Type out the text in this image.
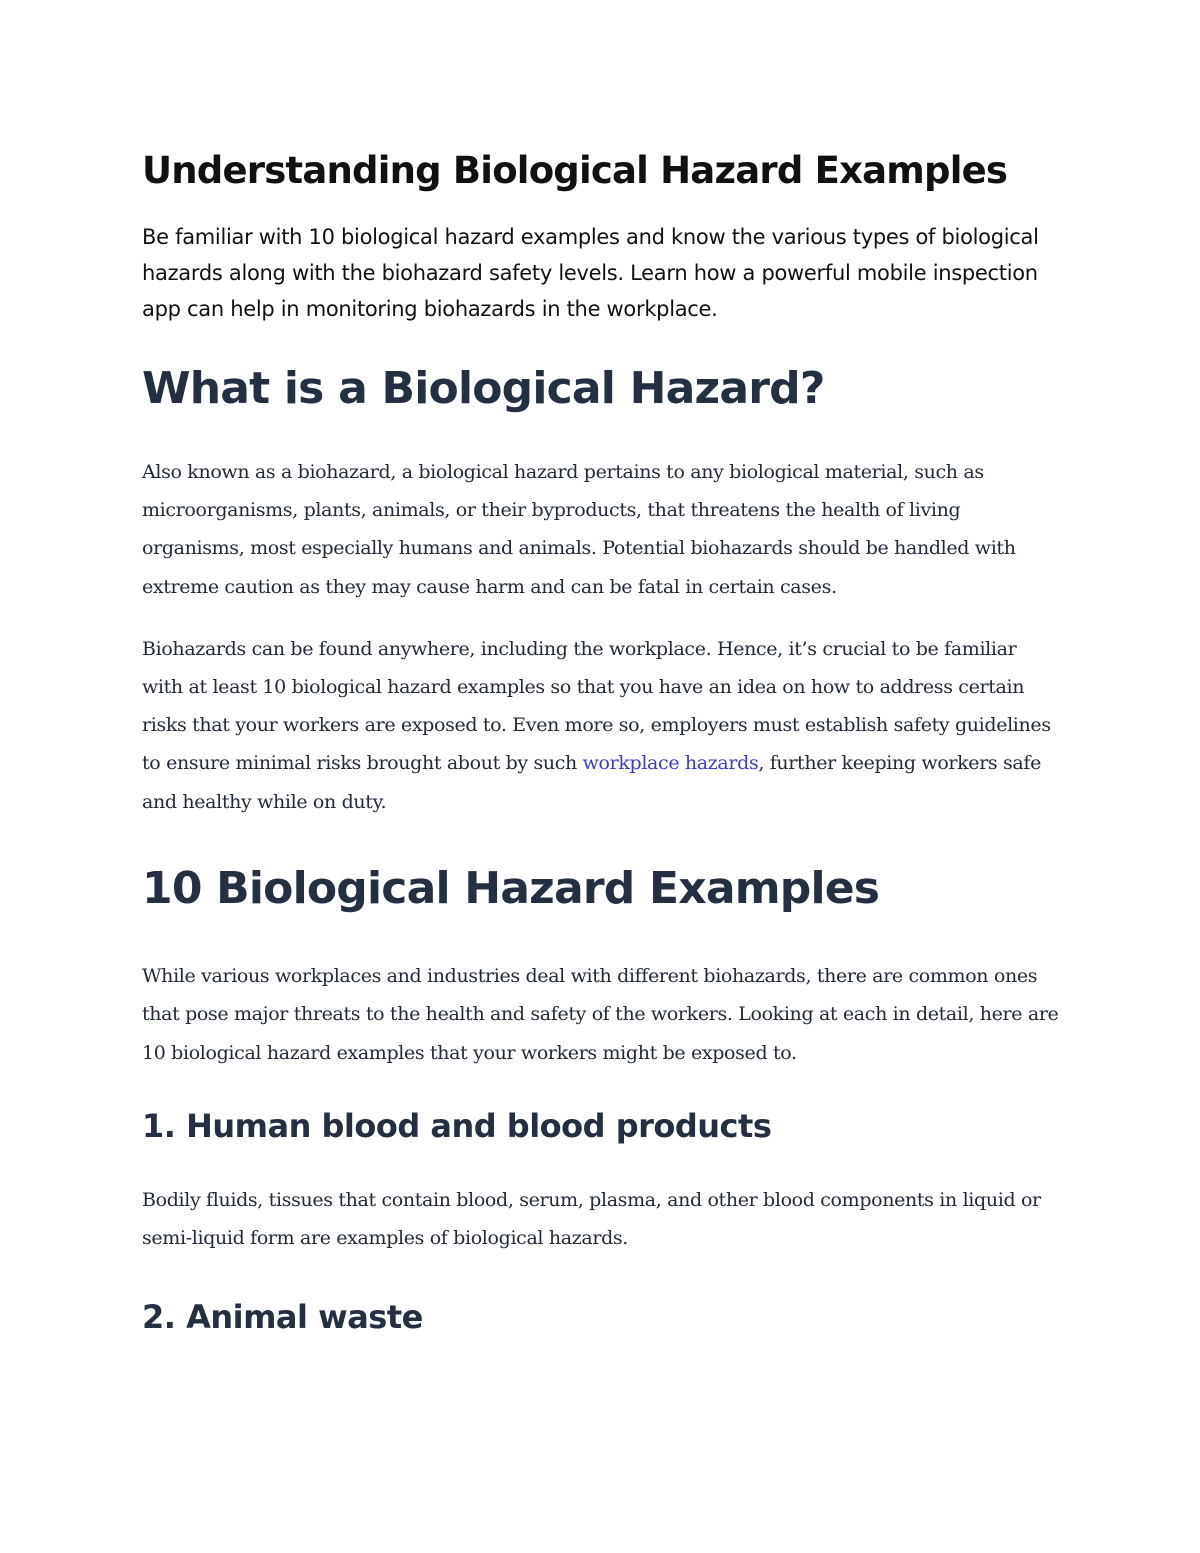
Understanding Biological Hazard Examples

Be familiar with 10 biological hazard examples and know the various types of biological hazards along with the biohazard safety levels. Learn how a powerful mobile inspection app can help in monitoring biohazards in the workplace.

What is a Biological Hazard?

Also known as a biohazard, a biological hazard pertains to any biological material, such as microorganisms, plants, animals, or their byproducts, that threatens the health of living organisms, most especially humans and animals. Potential biohazards should be handled with extreme caution as they may cause harm and can be fatal in certain cases.

Biohazards can be found anywhere, including the workplace. Hence, it’s crucial to be familiar with at least 10 biological hazard examples so that you have an idea on how to address certain risks that your workers are exposed to. Even more so, employers must establish safety guidelines to ensure minimal risks brought about by such workplace hazards, further keeping workers safe and healthy while on duty.

10 Biological Hazard Examples

While various workplaces and industries deal with different biohazards, there are common ones that pose major threats to the health and safety of the workers. Looking at each in detail, here are 10 biological hazard examples that your workers might be exposed to.

1. Human blood and blood products

Bodily fluids, tissues that contain blood, serum, plasma, and other blood components in liquid or semi-liquid form are examples of biological hazards.

2. Animal waste
